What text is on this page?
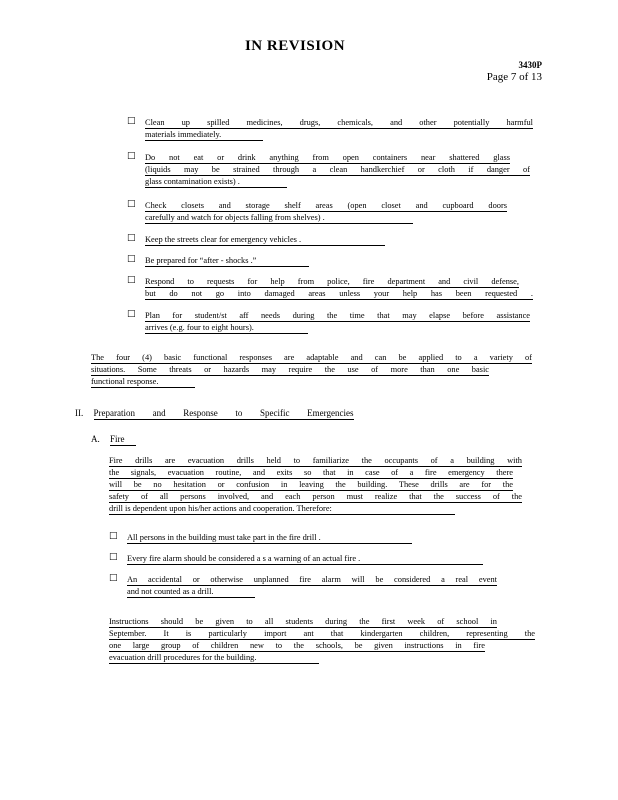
IN REVISION
3430P
Page 7 of 13
□ Clean up spilled medicines, drugs, chemicals, and other potentially harmful
materials immediately.
□ Do not eat or drink anything from open containers near shattered glass
(liquids may be strained through a clean handkerchief or cloth if danger of
glass contamination exists) .
□ Check closets and storage shelf areas (open closet and cupboard doors
carefully and watch for objects falling from shelves) .
□ Keep the streets clear for emergency vehicles .
□ Be prepared for “after - shocks .”
□ Respond to requests for help from police, fire department and civil defense,
but do not go into damaged areas unless your help has been requested .
□ Plan for student/st aff needs during the time that may elapse before assistance
arrives (e.g. four to eight hours).
The four (4) basic functional responses are adaptable and can be applied to a variety of
situations. Some threats or hazards may require the use of more than one basic
functional response.
II. Preparation and Response to Specific Emergencies
A. Fire
Fire drills are evacuation drills held to familiarize the occupants of a building with
the signals, evacuation routine, and exits so that in case of a fire emergency there
will be no hesitation or confusion in leaving the building. These drills are for the
safety of all persons involved, and each person must realize that the success of the
drill is dependent upon his/her actions and cooperation. Therefore:
□ All persons in the building must take part in the fire drill .
□ Every fire alarm should be considered a s a warning of an actual fire .
□ An accidental or otherwise unplanned fire alarm will be considered a real event
and not counted as a drill.
Instructions should be given to all students during the first week of school in
September. It is particularly import ant that kindergarten children, representing the
one large group of children new to the schools, be given instructions in fire
evacuation drill procedures for the building.
